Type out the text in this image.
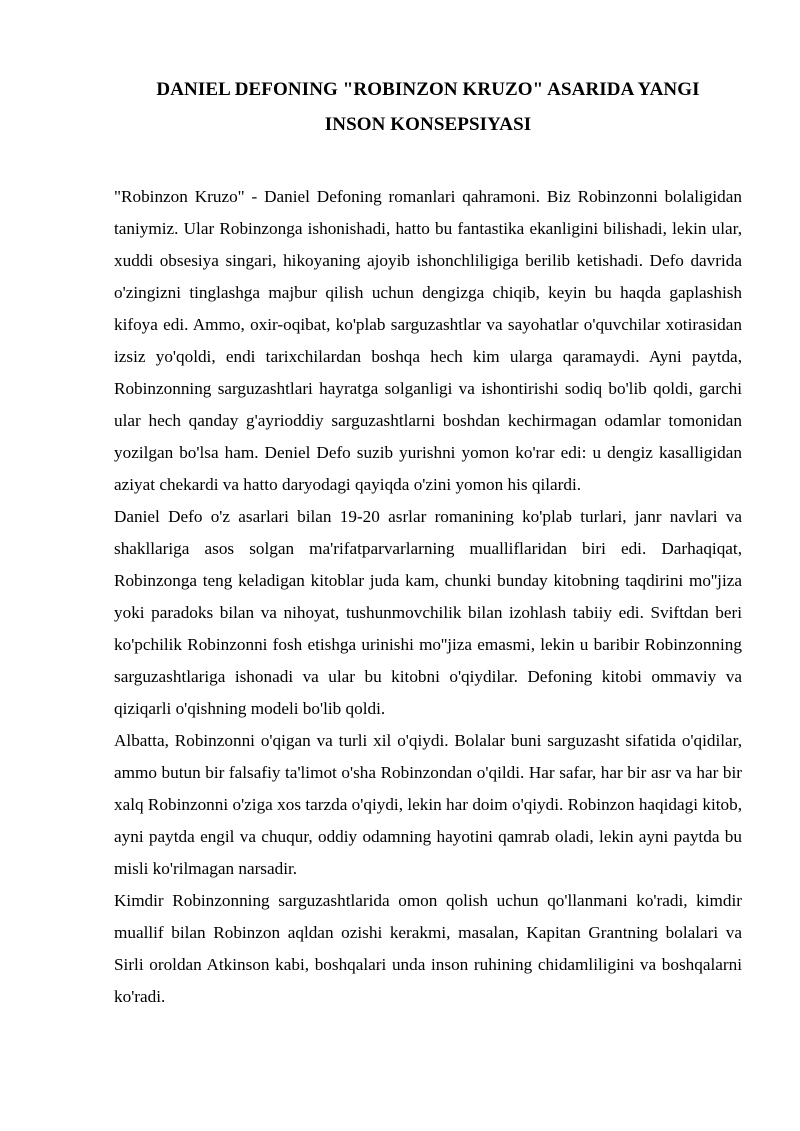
DANIEL DEFONING "ROBINZON KRUZO" ASARIDA YANGI
INSON KONSEPSIYASI

"Robinzon Kruzo" - Daniel Defoning romanlari qahramoni. Biz Robinzonni bolaligidan taniymiz. Ular Robinzonga ishonishadi, hatto bu fantastika ekanligini bilishadi, lekin ular, xuddi obsesiya singari, hikoyaning ajoyib ishonchliligiga berilib ketishadi. Defo davrida o'zingizni tinglashga majbur qilish uchun dengizga chiqib, keyin bu haqda gaplashish kifoya edi. Ammo, oxir-oqibat, ko'plab sarguzashtlar va sayohatlar o'quvchilar xotirasidan izsiz yo'qoldi, endi tarixchilardan boshqa hech kim ularga qaramaydi. Ayni paytda, Robinzonning sarguzashtlari hayratga solganligi va ishontirishi sodiq bo'lib qoldi, garchi ular hech qanday g'ayrioddiy sarguzashtlarni boshdan kechirmagan odamlar tomonidan yozilgan bo'lsa ham. Deniel Defo suzib yurishni yomon ko'rar edi: u dengiz kasalligidan aziyat chekardi va hatto daryodagi qayiqda o'zini yomon his qilardi.

Daniel Defo o'z asarlari bilan 19-20 asrlar romanining ko'plab turlari, janr navlari va shakllariga asos solgan ma'rifatparvarlarning mualliflaridan biri edi. Darhaqiqat, Robinzonga teng keladigan kitoblar juda kam, chunki bunday kitobning taqdirini mo''jiza yoki paradoks bilan va nihoyat, tushunmovchilik bilan izohlash tabiiy edi. Sviftdan beri ko'pchilik Robinzonni fosh etishga urinishi mo''jiza emasmi, lekin u baribir Robinzonning sarguzashtlariga ishonadi va ular bu kitobni o'qiydilar. Defoning kitobi ommaviy va qiziqarli o'qishning modeli bo'lib qoldi.

Albatta, Robinzonni o'qigan va turli xil o'qiydi. Bolalar buni sarguzasht sifatida o'qidilar, ammo butun bir falsafiy ta'limot o'sha Robinzondan o'qildi. Har safar, har bir asr va har bir xalq Robinzonni o'ziga xos tarzda o'qiydi, lekin har doim o'qiydi. Robinzon haqidagi kitob, ayni paytda engil va chuqur, oddiy odamning hayotini qamrab oladi, lekin ayni paytda bu misli ko'rilmagan narsadir.

Kimdir Robinzonning sarguzashtlarida omon qolish uchun qo'llanmani ko'radi, kimdir muallif bilan Robinzon aqldan ozishi kerakmi, masalan, Kapitan Grantning bolalari va Sirli oroldan Atkinson kabi, boshqalari unda inson ruhining chidamliligini va boshqalarni ko'radi.
